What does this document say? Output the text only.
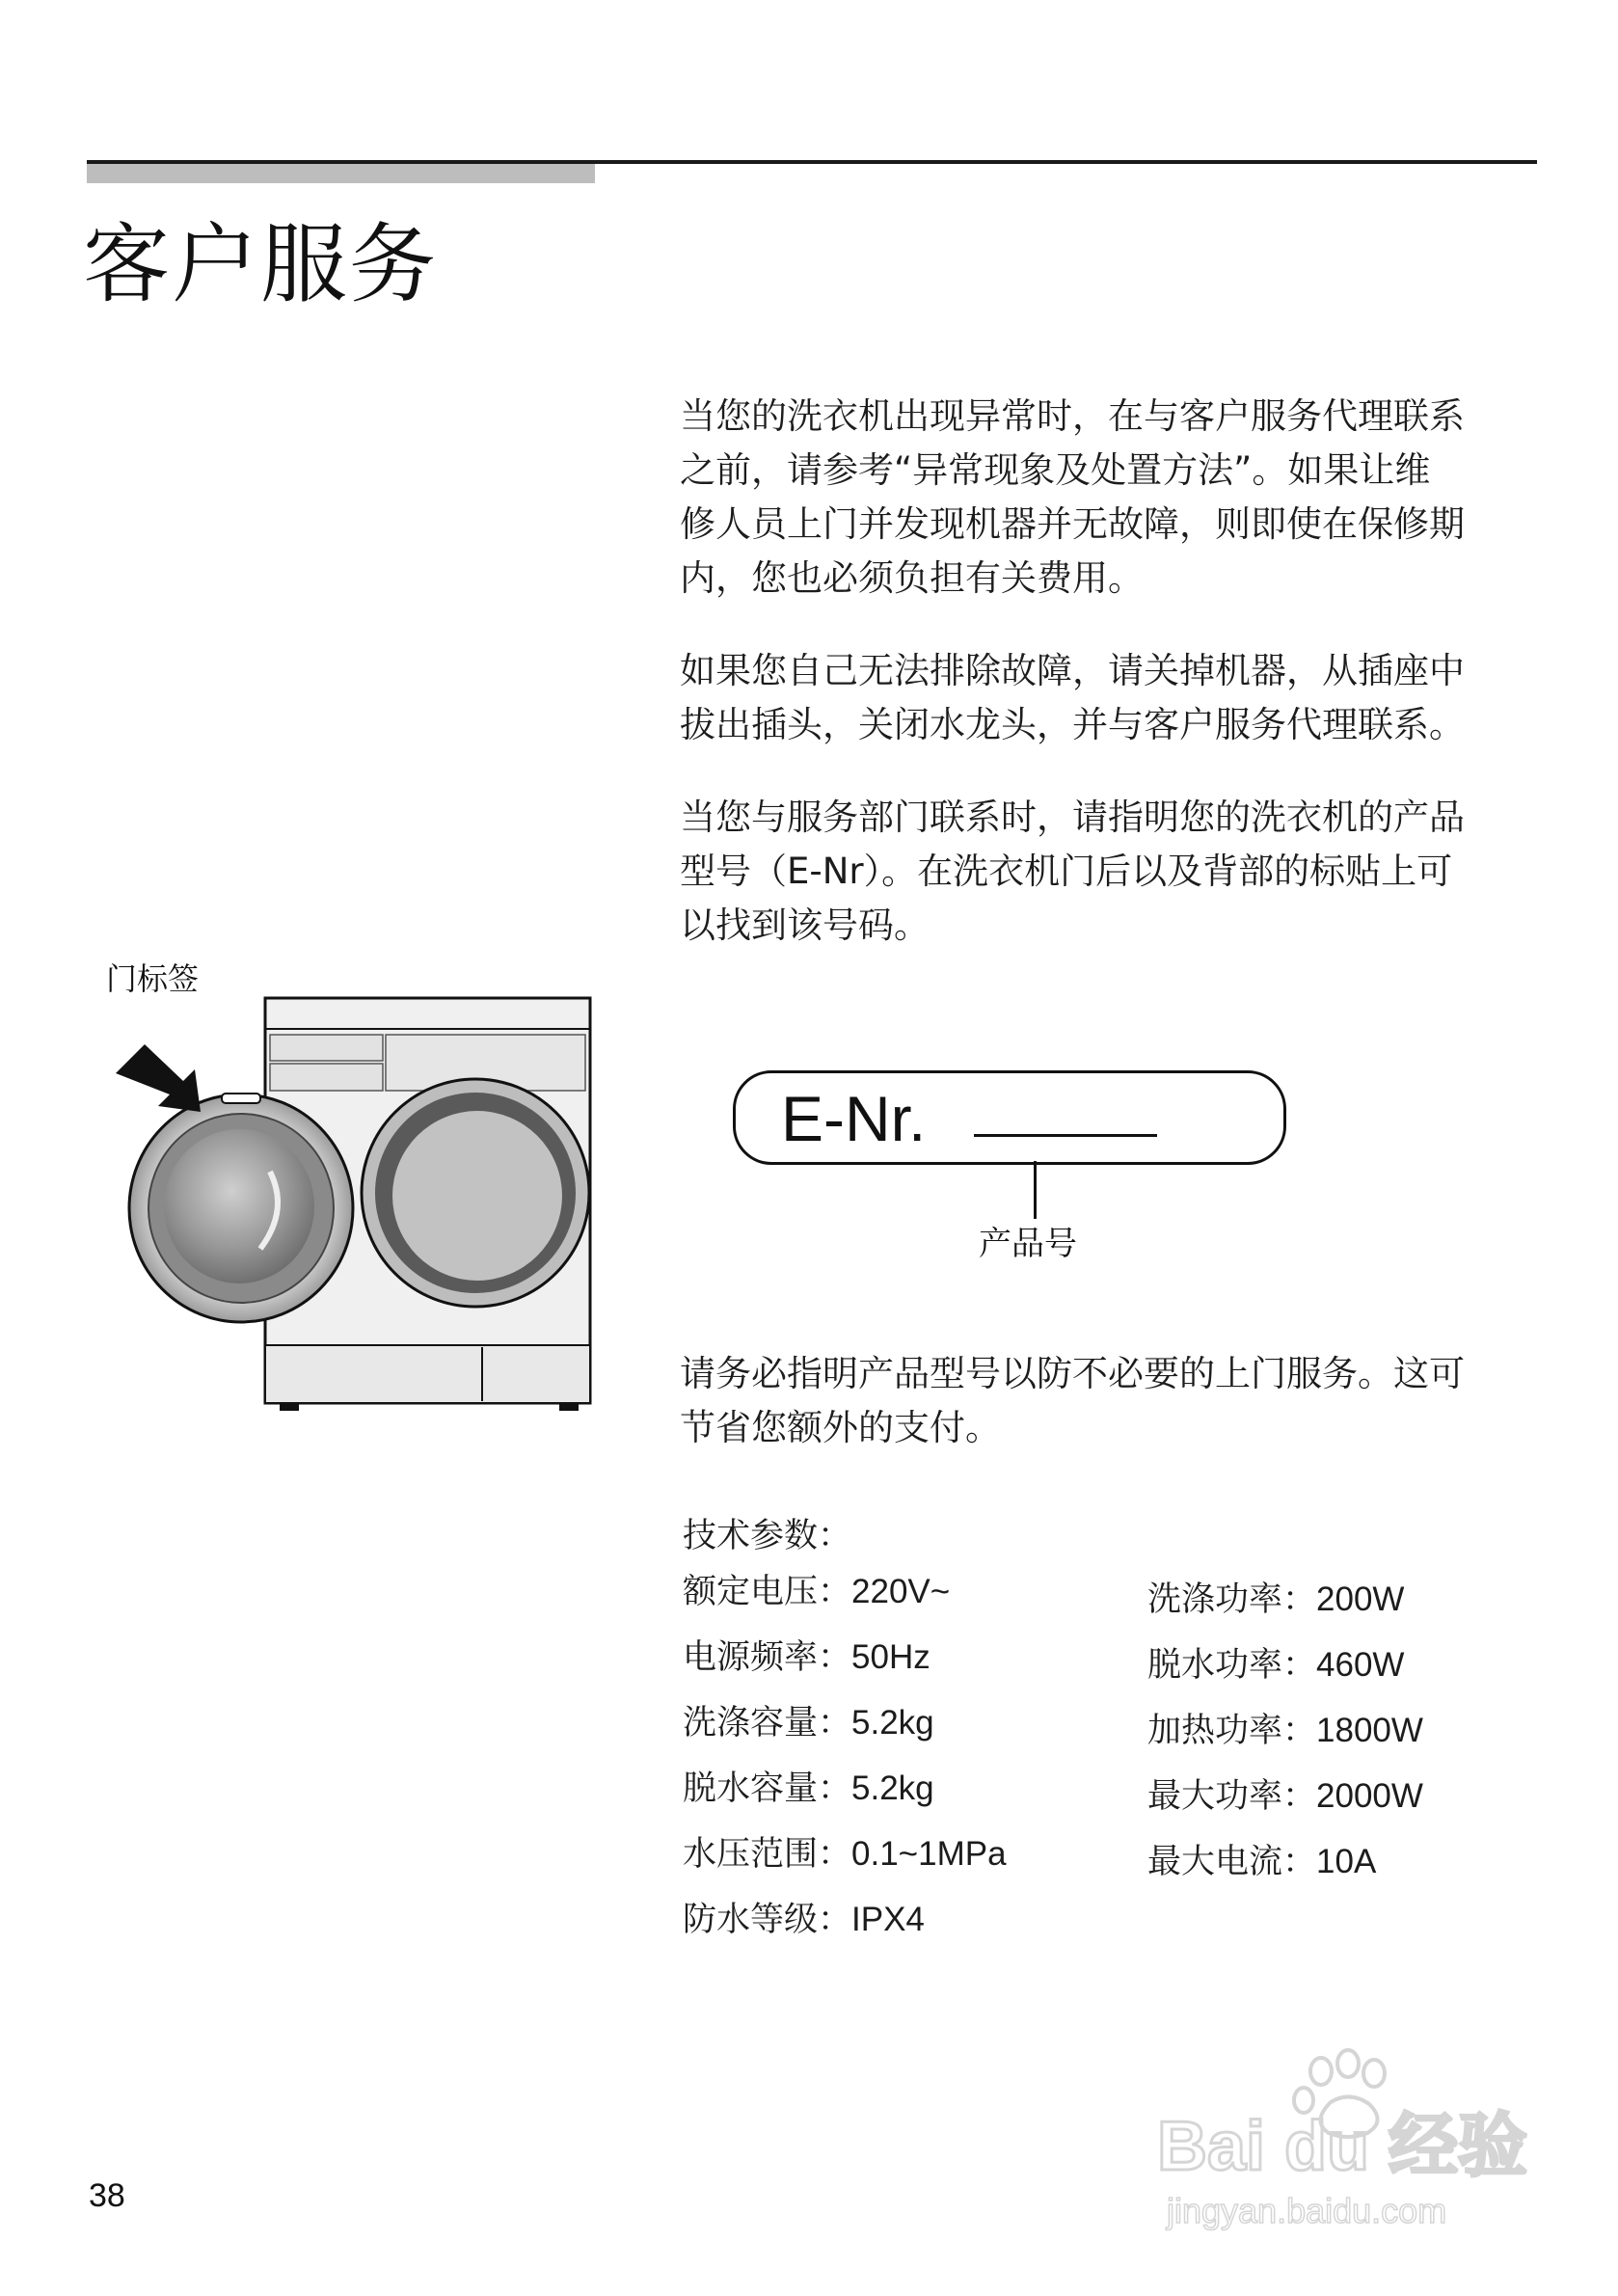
客户服务
当您的洗衣机出现异常时，在与客户服务代理联系
之前，请参考“异常现象及处置方法”。如果让维
修人员上门并发现机器并无故障，则即使在保修期
内，您也必须负担有关费用。
如果您自己无法排除故障，请关掉机器，从插座中
拔出插头，关闭水龙头，并与客户服务代理联系。
当您与服务部门联系时，请指明您的洗衣机的产品
型号（E-Nr）。在洗衣机门后以及背部的标贴上可
以找到该号码。
门标签
E-Nr.
产品号
请务必指明产品型号以防不必要的上门服务。这可
节省您额外的支付。
技术参数：
额定电压：220V~
电源频率：50Hz
洗涤容量：5.2kg
脱水容量：5.2kg
水压范围：0.1~1MPa
防水等级：IPX4
洗涤功率：200W
脱水功率：460W
加热功率：1800W
最大功率：2000W
最大电流：10A
38
Bai du 经验
jingyan.baidu.com
